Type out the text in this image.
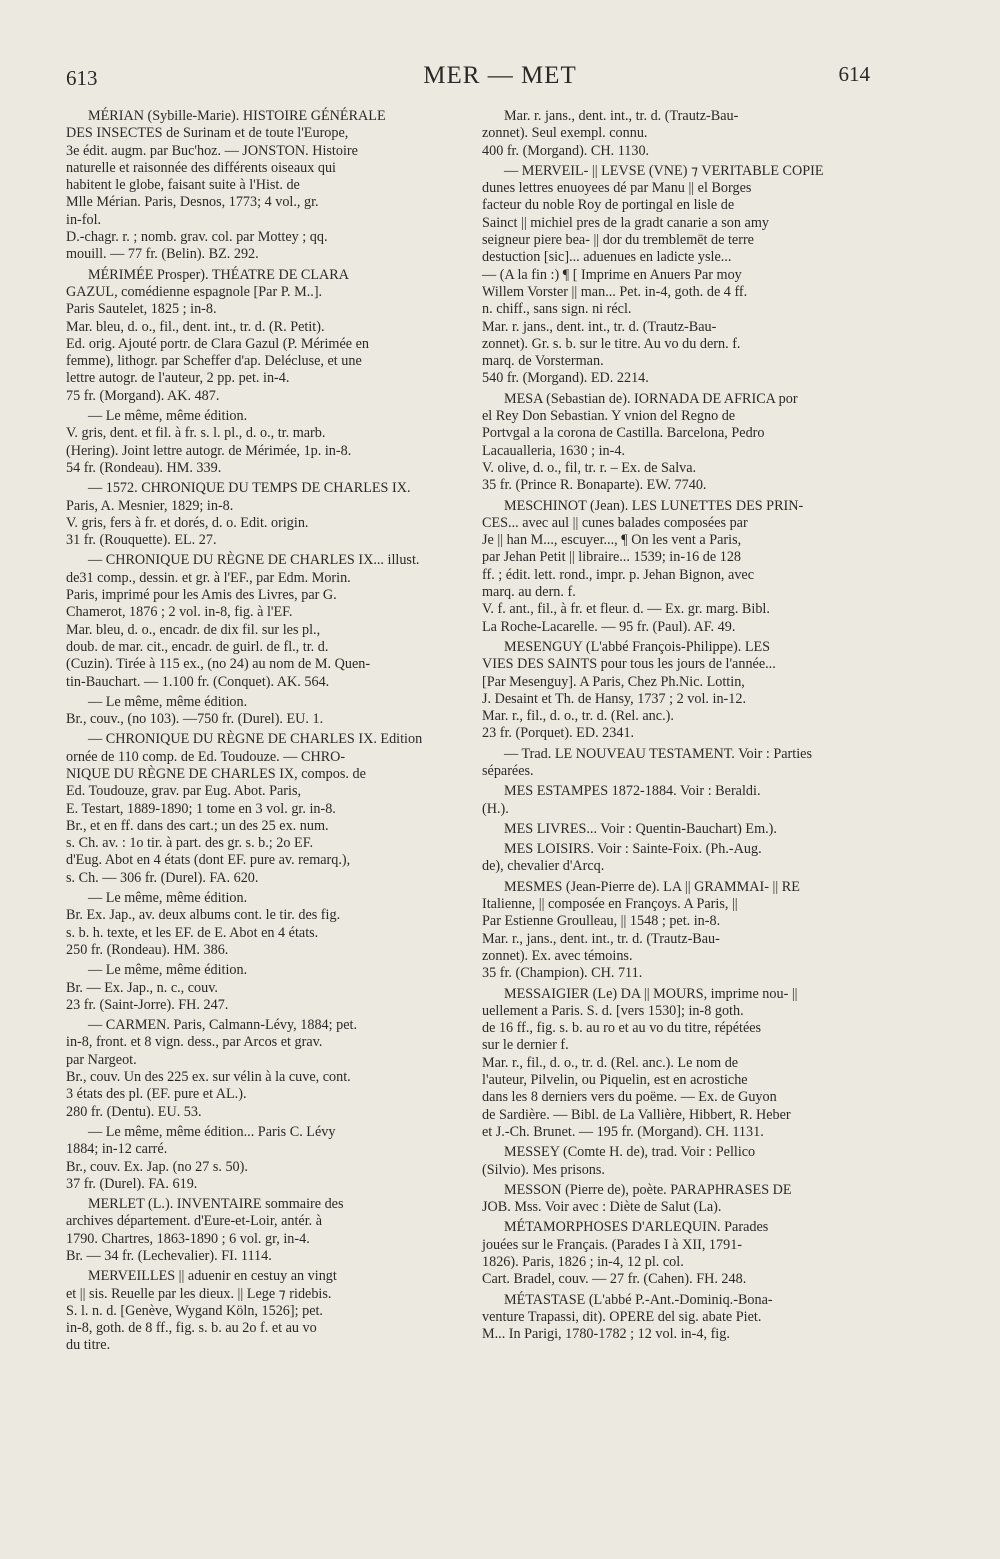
613	MER — MET	614
MÉRIAN (Sybille-Marie). HISTOIRE GÉNÉRALE
DES INSECTES de Surinam et de toute l'Europe,
3e édit. augm. par Buc'hoz. — JONSTON. Histoire
naturelle et raisonnée des différents oiseaux qui
habitent le globe, faisant suite à l'Hist. de
Mlle Mérian. Paris, Desnos, 1773; 4 vol., gr.
in-fol.
D.-chagr. r. ; nomb. grav. col. par Mottey ; qq.
mouill. — 77 fr. (Belin). BZ. 292.
MÉRIMÉE Prosper). THÉATRE DE CLARA
GAZUL, comédienne espagnole [Par P. M..].
Paris Sautelet, 1825 ; in-8.
Mar. bleu, d. o., fil., dent. int., tr. d. (R. Petit).
Ed. orig. Ajouté portr. de Clara Gazul (P. Mérimée en
femme), lithogr. par Scheffer d'ap. Delécluse, et une
lettre autogr. de l'auteur, 2 pp. pet. in-4.
75 fr. (Morgand). AK. 487.
— Le même, même édition.
V. gris, dent. et fil. à fr. s. l. pl., d. o., tr. marb.
(Hering). Joint lettre autogr. de Mérimée, 1p. in-8.
54 fr. (Rondeau). HM. 339.
— 1572. CHRONIQUE DU TEMPS DE CHARLES IX.
Paris, A. Mesnier, 1829; in-8.
V. gris, fers à fr. et dorés, d. o. Edit. origin.
31 fr. (Rouquette). EL. 27.
— CHRONIQUE DU RÈGNE DE CHARLES IX... illust.
de31 comp., dessin. et gr. à l'EF., par Edm. Morin.
Paris, imprimé pour les Amis des Livres, par G.
Chamerot, 1876 ; 2 vol. in-8, fig. à l'EF.
Mar. bleu, d. o., encadr. de dix fil. sur les pl.,
doub. de mar. cit., encadr. de guirl. de fl., tr. d.
(Cuzin). Tirée à 115 ex., (no 24) au nom de M. Quen-
tin-Bauchart. — 1.100 fr. (Conquet). AK. 564.
— Le même, même édition.
Br., couv., (no 103). —750 fr. (Durel). EU. 1.
— CHRONIQUE DU RÈGNE DE CHARLES IX. Edition
ornée de 110 comp. de Ed. Toudouze. — CHRO-
NIQUE DU RÈGNE DE CHARLES IX, compos. de
Ed. Toudouze, grav. par Eug. Abot. Paris,
E. Testart, 1889-1890; 1 tome en 3 vol. gr. in-8.
Br., et en ff. dans des cart.; un des 25 ex. num.
s. Ch. av. : 1o tir. à part. des gr. s. b.; 2o EF.
d'Eug. Abot en 4 états (dont EF. pure av. remarq.),
s. Ch. — 306 fr. (Durel). FA. 620.
— Le même, même édition.
Br. Ex. Jap., av. deux albums cont. le tir. des fig.
s. b. h. texte, et les EF. de E. Abot en 4 états.
250 fr. (Rondeau). HM. 386.
— Le même, même édition.
Br. — Ex. Jap., n. c., couv.
23 fr. (Saint-Jorre). FH. 247.
— CARMEN. Paris, Calmann-Lévy, 1884; pet.
in-8, front. et 8 vign. dess., par Arcos et grav.
par Nargeot.
Br., couv. Un des 225 ex. sur vélin à la cuve, cont.
3 états des pl. (EF. pure et AL.).
280 fr. (Dentu). EU. 53.
— Le même, même édition... Paris C. Lévy
1884; in-12 carré.
Br., couv. Ex. Jap. (no 27 s. 50).
37 fr. (Durel). FA. 619.
MERLET (L.). INVENTAIRE sommaire des
archives département. d'Eure-et-Loir, antér. à
1790. Chartres, 1863-1890 ; 6 vol. gr, in-4.
Br. — 34 fr. (Lechevalier). FI. 1114.
MERVEILLES || aduenir en cestuy an vingt
et || sis. Reuelle par les dieux. || Lege ⁊ ridebis.
S. l. n. d. [Genève, Wygand Köln, 1526]; pet.
in-8, goth. de 8 ff., fig. s. b. au 2o f. et au vo
du titre.
Mar. r. jans., dent. int., tr. d. (Trautz-Bau-
zonnet). Seul exempl. connu.
400 fr. (Morgand). CH. 1130.
— MERVEIL- || LEVSE (VNE) ⁊ VERITABLE COPIE
dunes lettres enuoyees dé par Manu || el Borges
facteur du noble Roy de portingal en lisle de
Sainct || michiel pres de la gradt canarie a son amy
seigneur piere bea- || dor du tremblemēt de terre
destuction [sic]... aduenues en ladicte ysle...
— (A la fin :) ¶ [ Imprime en Anuers Par moy
Willem Vorster || man... Pet. in-4, goth. de 4 ff.
n. chiff., sans sign. ni récl.
Mar. r. jans., dent. int., tr. d. (Trautz-Bau-
zonnet). Gr. s. b. sur le titre. Au vo du dern. f.
marq. de Vorsterman.
540 fr. (Morgand). ED. 2214.
MESA (Sebastian de). IORNADA DE AFRICA por
el Rey Don Sebastian. Y vnion del Regno de
Portvgal a la corona de Castilla. Barcelona, Pedro
Lacaualleria, 1630 ; in-4.
V. olive, d. o., fil, tr. r. – Ex. de Salva.
35 fr. (Prince R. Bonaparte). EW. 7740.
MESCHINOT (Jean). LES LUNETTES DES PRIN-
CES... avec aul || cunes balades composées par
Je || han M..., escuyer..., ¶ On les vent a Paris,
par Jehan Petit || libraire... 1539; in-16 de 128
ff. ; édit. lett. rond., impr. p. Jehan Bignon, avec
marq. au dern. f.
V. f. ant., fil., à fr. et fleur. d. — Ex. gr. marg. Bibl.
La Roche-Lacarelle. — 95 fr. (Paul). AF. 49.
MESENGUY (L'abbé François-Philippe). LES
VIES DES SAINTS pour tous les jours de l'année...
[Par Mesenguy]. A Paris, Chez Ph.Nic. Lottin,
J. Desaint et Th. de Hansy, 1737 ; 2 vol. in-12.
Mar. r., fil., d. o., tr. d. (Rel. anc.).
23 fr. (Porquet). ED. 2341.
— Trad. LE NOUVEAU TESTAMENT. Voir : Parties
séparées.
MES ESTAMPES 1872-1884. Voir : Beraldi.
(H.).
MES LIVRES... Voir : Quentin-Bauchart) Em.).
MES LOISIRS. Voir : Sainte-Foix. (Ph.-Aug.
de), chevalier d'Arcq.
MESMES (Jean-Pierre de). LA || GRAMMAI- || RE
Italienne, || composée en Françoys. A Paris, ||
Par Estienne Groulleau, || 1548 ; pet. in-8.
Mar. r., jans., dent. int., tr. d. (Trautz-Bau-
zonnet). Ex. avec témoins.
35 fr. (Champion). CH. 711.
MESSAIGIER (Le) DA || MOURS, imprime nou- ||
uellement a Paris. S. d. [vers 1530]; in-8 goth.
de 16 ff., fig. s. b. au ro et au vo du titre, répétées
sur le dernier f.
Mar. r., fil., d. o., tr. d. (Rel. anc.). Le nom de
l'auteur, Pilvelin, ou Piquelin, est en acrostiche
dans les 8 derniers vers du poëme. — Ex. de Guyon
de Sardière. — Bibl. de La Vallière, Hibbert, R. Heber
et J.-Ch. Brunet. — 195 fr. (Morgand). CH. 1131.
MESSEY (Comte H. de), trad. Voir : Pellico
(Silvio). Mes prisons.
MESSON (Pierre de), poète. PARAPHRASES DE
JOB. Mss. Voir avec : Diète de Salut (La).
MÉTAMORPHOSES D'ARLEQUIN. Parades
jouées sur le Français. (Parades I à XII, 1791-
1826). Paris, 1826 ; in-4, 12 pl. col.
Cart. Bradel, couv. — 27 fr. (Cahen). FH. 248.
MÉTASTASE (L'abbé P.-Ant.-Dominiq.-Bona-
venture Trapassi, dit). OPERE del sig. abate Piet.
M... In Parigi, 1780-1782 ; 12 vol. in-4, fig.
